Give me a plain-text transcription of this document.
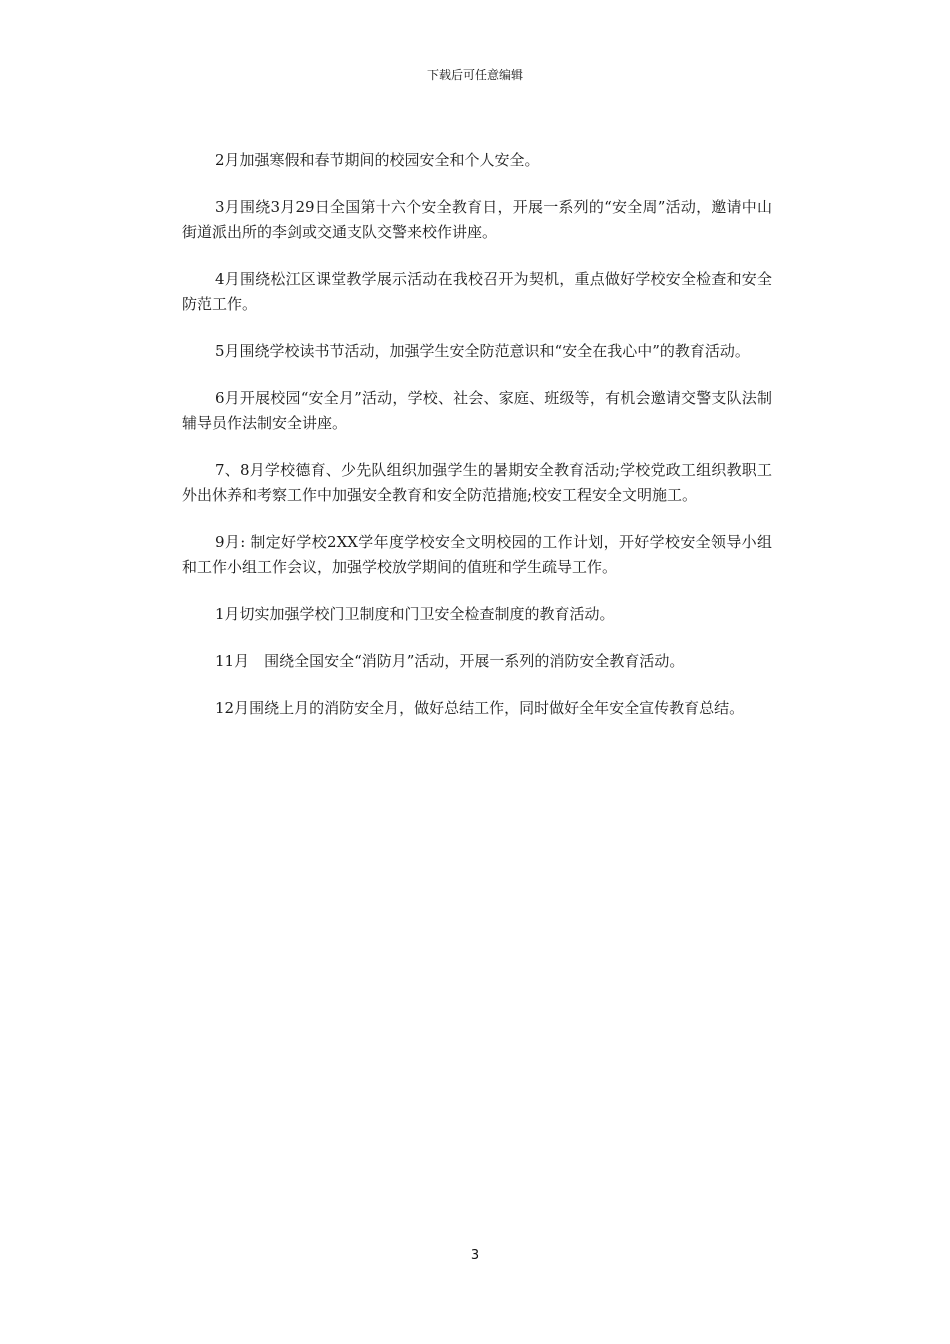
下载后可任意编辑

2月加强寒假和春节期间的校园安全和个人安全。

3月围绕3月29日全国第十六个安全教育日，开展一系列的“安全周”活动，邀请中山街道派出所的李剑或交通支队交警来校作讲座。

4月围绕松江区课堂教学展示活动在我校召开为契机，重点做好学校安全检查和安全防范工作。

5月围绕学校读书节活动，加强学生安全防范意识和“安全在我心中”的教育活动。

6月开展校园“安全月”活动，学校、社会、家庭、班级等，有机会邀请交警支队法制辅导员作法制安全讲座。

7、8月学校德育、少先队组织加强学生的暑期安全教育活动;学校党政工组织教职工外出休养和考察工作中加强安全教育和安全防范措施;校安工程安全文明施工。

9月: 制定好学校2XX学年度学校安全文明校园的工作计划，开好学校安全领导小组和工作小组工作会议，加强学校放学期间的值班和学生疏导工作。

1月切实加强学校门卫制度和门卫安全检查制度的教育活动。

11月　围绕全国安全“消防月”活动，开展一系列的消防安全教育活动。

12月围绕上月的消防安全月，做好总结工作，同时做好全年安全宣传教育总结。

3
